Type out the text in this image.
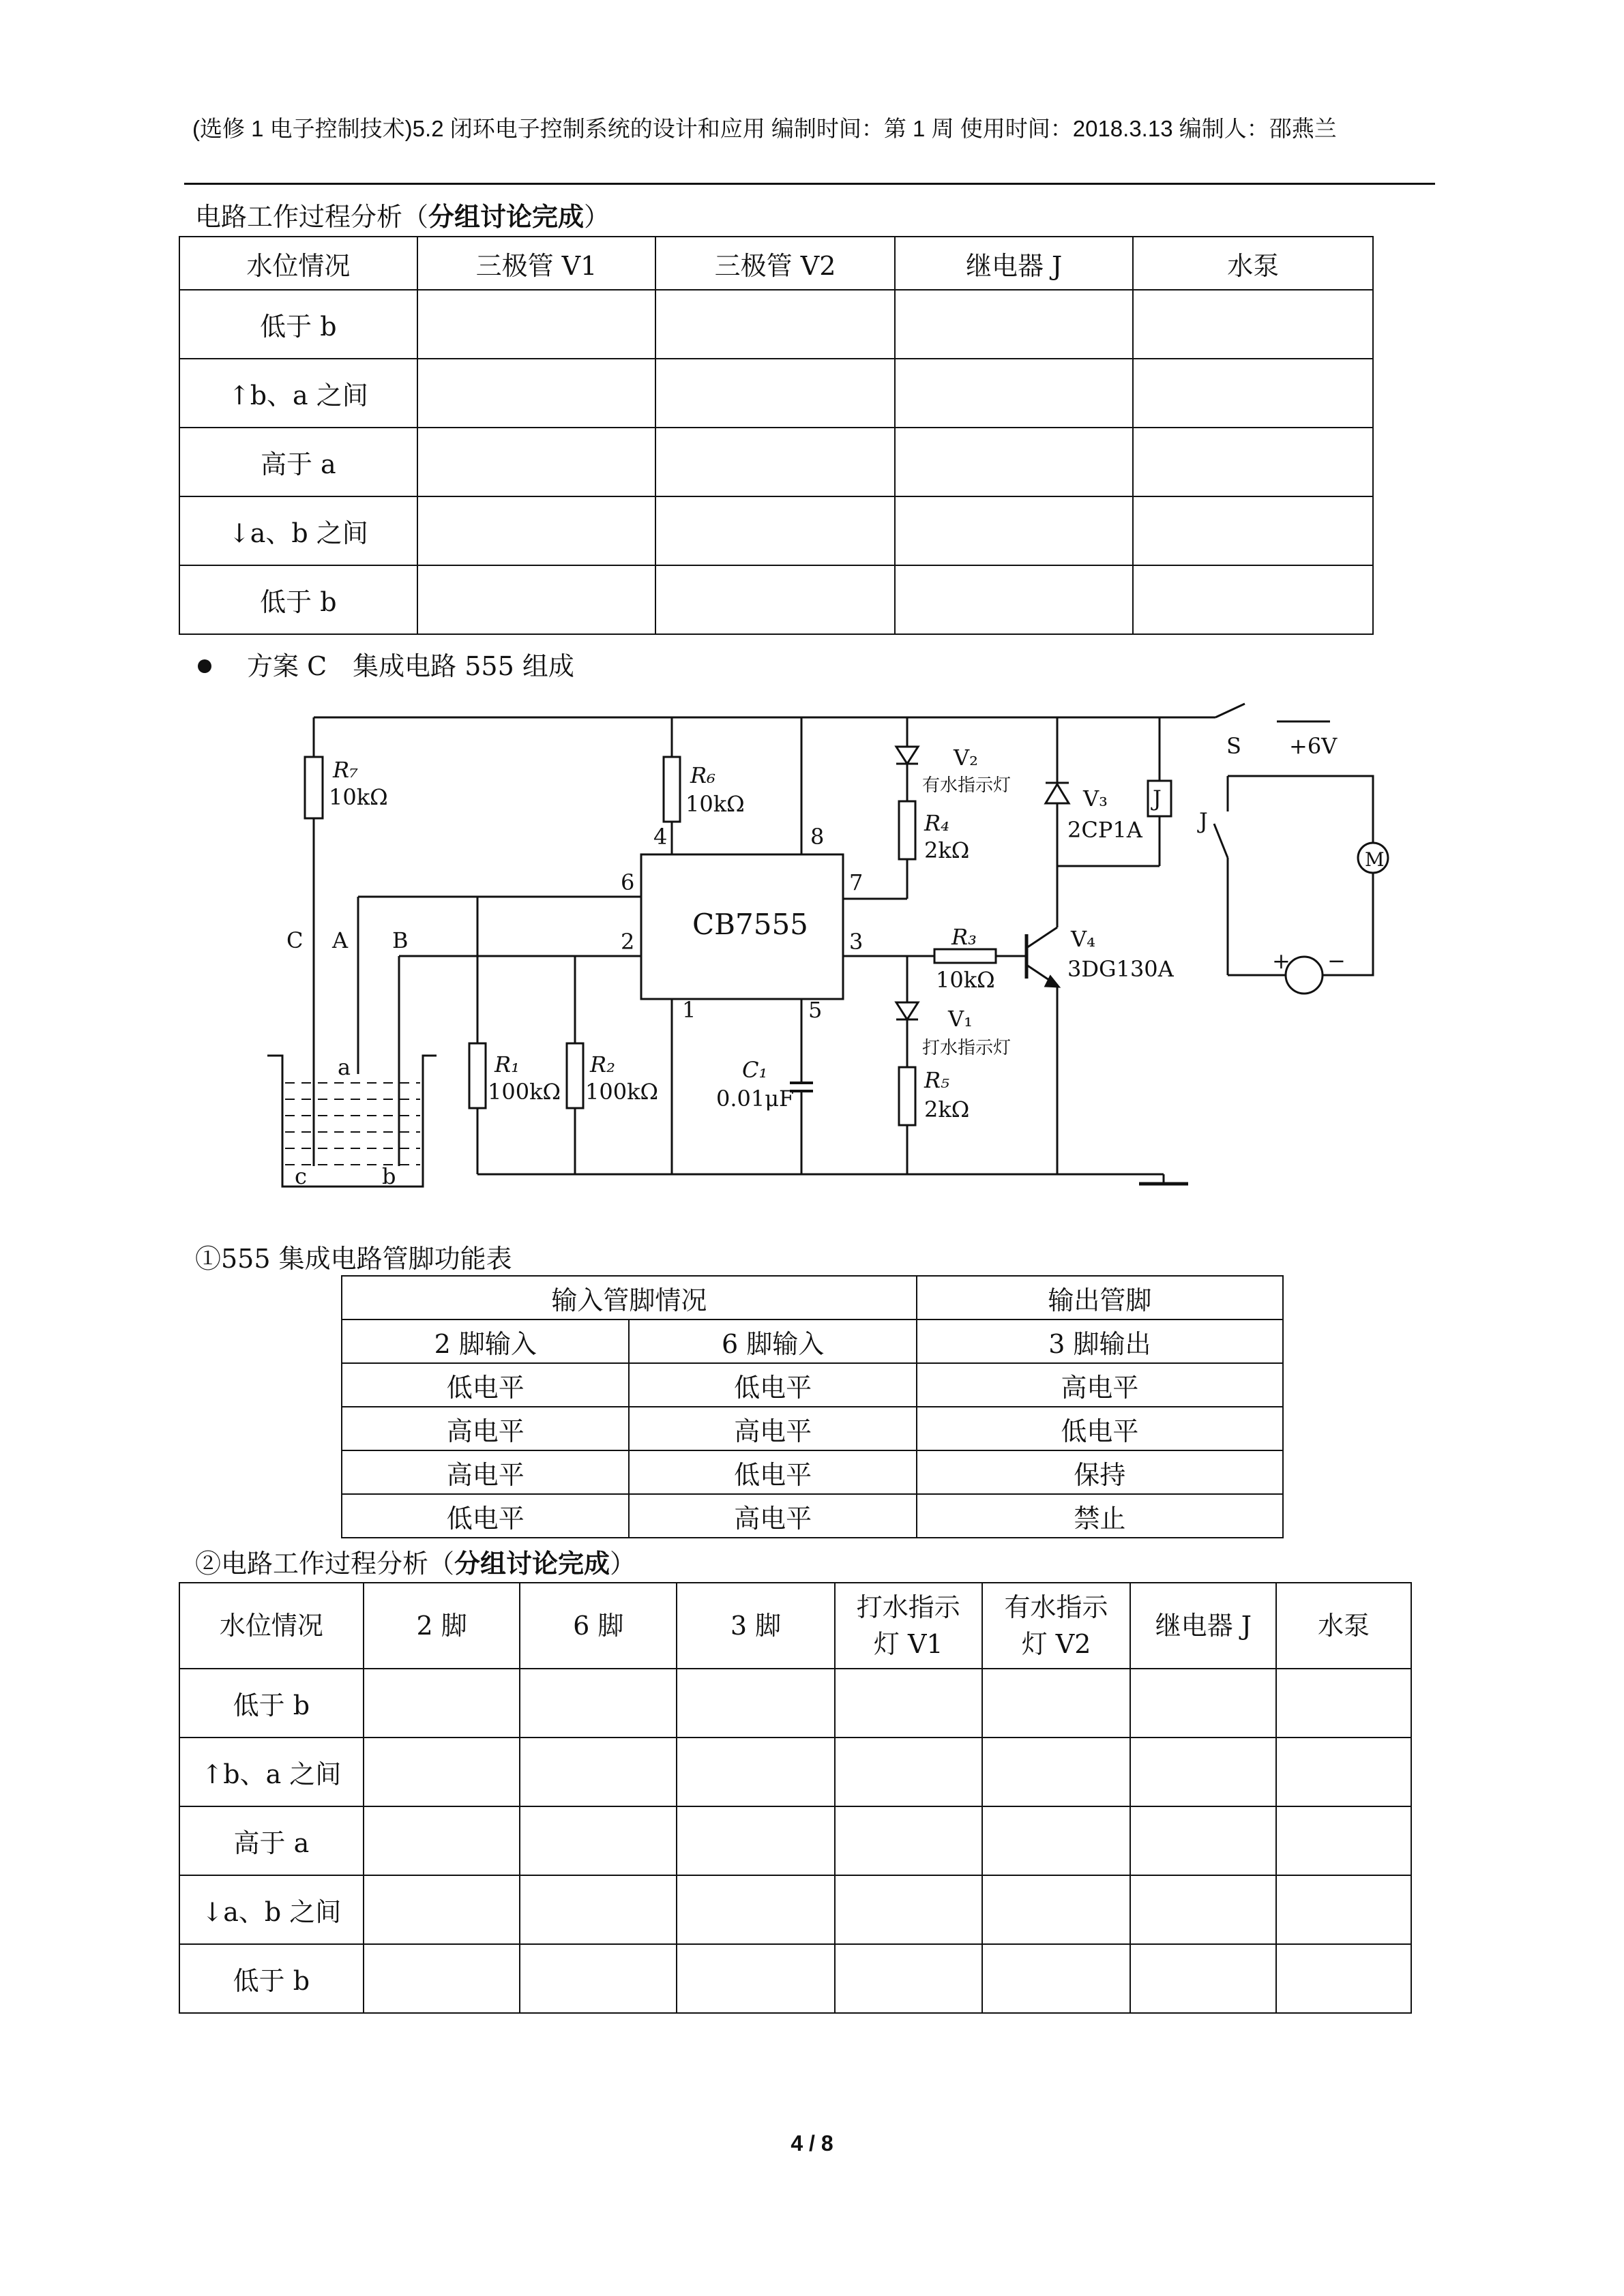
(选修 1 电子控制技术)5.2 闭环电子控制系统的设计和应用 编制时间：第 1 周 使用时间：2018.3.13 编制人：邵燕兰
电路工作过程分析（分组讨论完成）
水位情况	三极管 V1	三极管 V2	继电器 J	水泵
低于 b				
↑b、a 之间				
高于 a				
↓a、b 之间				
低于 b				
方案 C　集成电路 555 组成
4	8
6	7
2	3
1	5
CB7555
R₇
10kΩ
R₆
10kΩ
V₂
有水指示灯
R₄
2kΩ
V₃
2CP1A
J
S +6V
J
M
C A B	R₃
10kΩ
V₄
3DG130A
V₁
打水指示灯
R₁
100kΩ
R₂
100kΩ
C₁
0.01μF
R₅
2kΩ
a
b
c
+ −
①555 集成电路管脚功能表
输入管脚情况		输出管脚
2 脚输入	6 脚输入	3 脚输出
低电平	低电平	高电平
高电平	高电平	低电平
高电平	低电平	保持
低电平	高电平	禁止
②电路工作过程分析（分组讨论完成）
水位情况	2 脚	6 脚	3 脚	打水指示灯 V1	有水指示灯 V2	继电器 J	水泵
低于 b							
↑b、a 之间							
高于 a							
↓a、b 之间							
低于 b							
4 / 8
